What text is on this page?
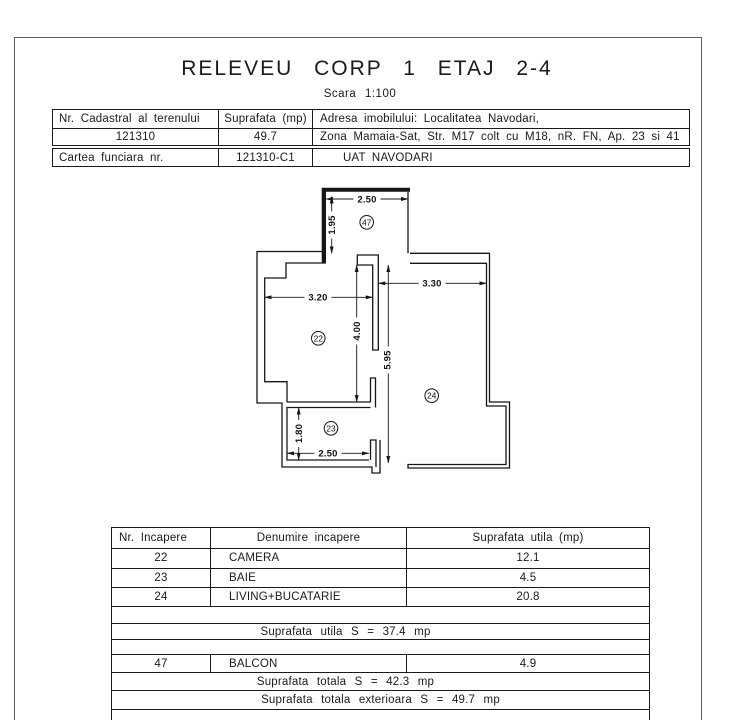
RELEVEU CORP 1 ETAJ 2-4
Scara 1:100
Nr. Cadastral al terenului	Suprafata (mp)	Adresa imobilului: Localitatea Navodari,
121310	49.7	Zona Mamaia-Sat, Str. M17 colt cu M18, nR. FN, Ap. 23 si 41
Cartea funciara nr.	121310-C1	UAT NAVODARI
2.50
1.95
3.20
3.30
4.00
5.95
1.80
2.50
47
22
23
24
Nr. Incapere	Denumire incapere	Suprafata utila (mp)
22	CAMERA	12.1
23	BAIE	4.5
24	LIVING+BUCATARIE	20.8
Suprafata utila S = 37.4 mp
47	BALCON	4.9
Suprafata totala S = 42.3 mp
Suprafata totala exterioara S = 49.7 mp
